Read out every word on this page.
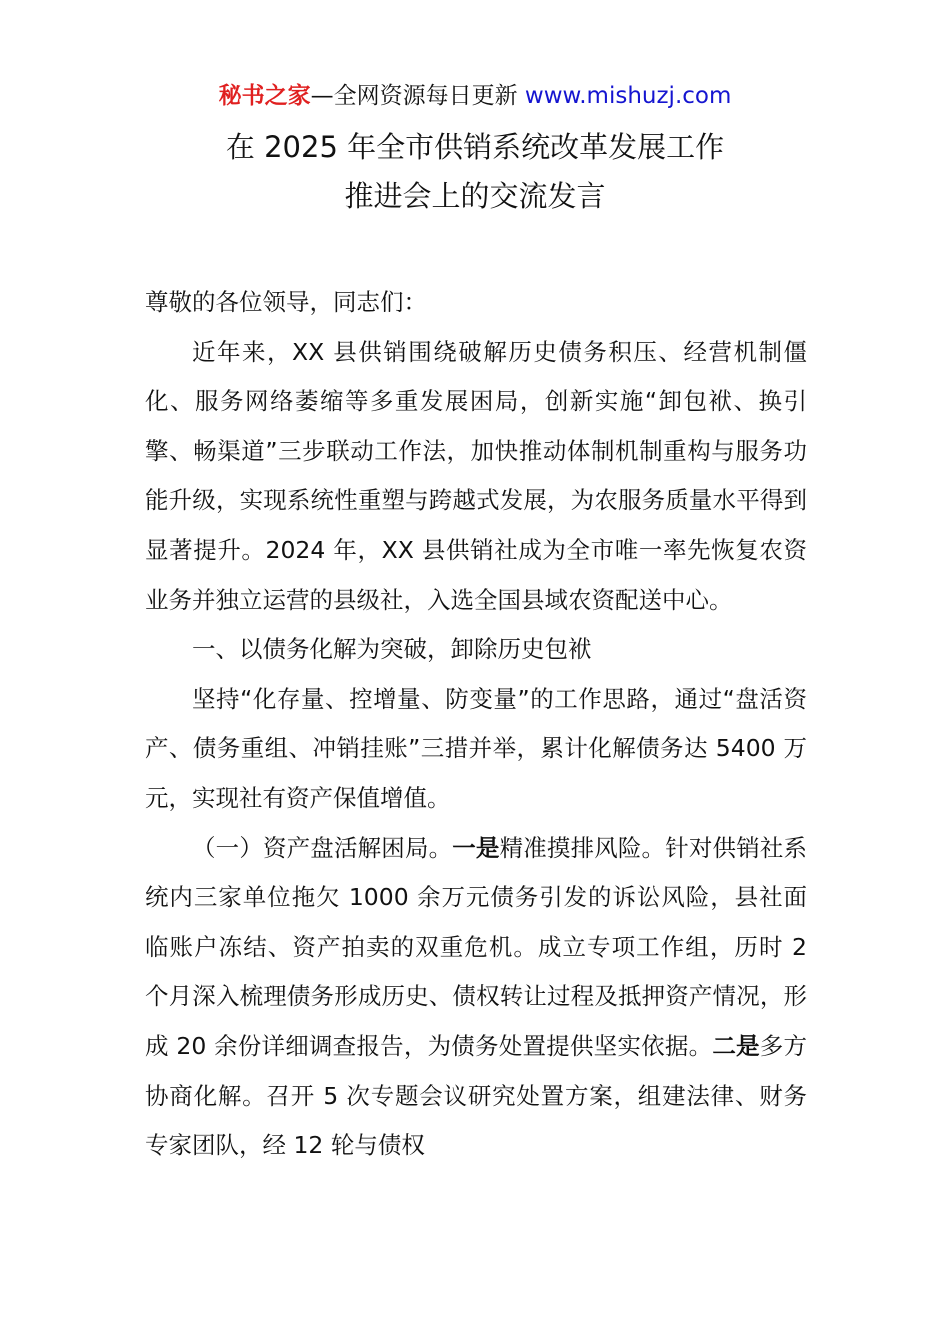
秘书之家—全网资源每日更新 www.mishuzj.com
在 2025 年全市供销系统改革发展工作
推进会上的交流发言

尊敬的各位领导，同志们：

近年来，XX 县供销围绕破解历史债务积压、经营机制僵化、服务网络萎缩等多重发展困局，创新实施“卸包袱、换引擎、畅渠道”三步联动工作法，加快推动体制机制重构与服务功能升级，实现系统性重塑与跨越式发展，为农服务质量水平得到显著提升。2024 年，XX 县供销社成为全市唯一率先恢复农资业务并独立运营的县级社，入选全国县域农资配送中心。

一、以债务化解为突破，卸除历史包袱

坚持“化存量、控增量、防变量”的工作思路，通过“盘活资产、债务重组、冲销挂账”三措并举，累计化解债务达 5400 万元，实现社有资产保值增值。

（一）资产盘活解困局。一是精准摸排风险。针对供销社系统内三家单位拖欠 1000 余万元债务引发的诉讼风险，县社面临账户冻结、资产拍卖的双重危机。成立专项工作组，历时 2 个月深入梳理债务形成历史、债权转让过程及抵押资产情况，形成 20 余份详细调查报告，为债务处置提供坚实依据。二是多方协商化解。召开 5 次专题会议研究处置方案，组建法律、财务专家团队，经 12 轮与债权
